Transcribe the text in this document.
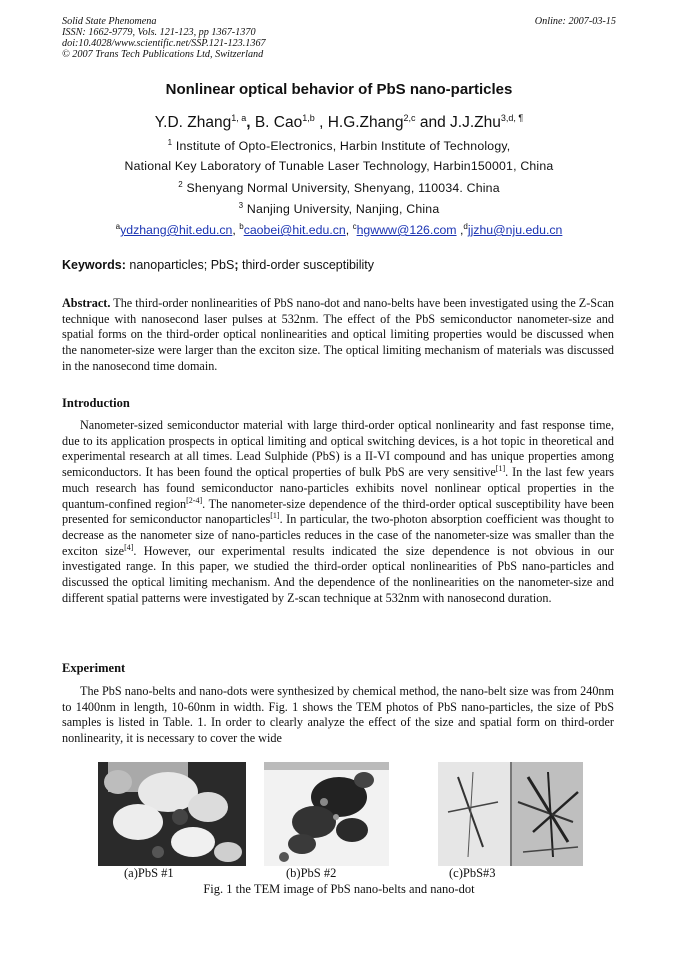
Solid State Phenomena
ISSN: 1662-9779, Vols. 121-123, pp 1367-1370
doi:10.4028/www.scientific.net/SSP.121-123.1367
© 2007 Trans Tech Publications Ltd, Switzerland
Online: 2007-03-15
Nonlinear optical behavior of PbS nano-particles
Y.D. Zhang$^{1, a}$, B. Cao$^{1,b}$ , H.G.Zhang$^{2,c}$ and J.J.Zhu$^{3,d, \P}$
$^1$ Institute of Opto-Electronics, Harbin Institute of Technology,
National Key Laboratory of Tunable Laser Technology, Harbin150001, China
$^2$ Shenyang Normal University, Shenyang, 110034. China
$^3$ Nanjing University, Nanjing, China
$^a$ydzhang@hit.edu.cn, $^b$caobei@hit.edu.cn, $^c$hgwww@126.com ,$^d$jjzhu@nju.edu.cn
Keywords: nanoparticles; PbS; third-order susceptibility
Abstract. The third-order nonlinearities of PbS nano-dot and nano-belts have been investigated using the Z-Scan technique with nanosecond laser pulses at 532nm. The effect of the PbS semiconductor nanometer-size and spatial forms on the third-order optical nonlinearities and optical limiting properties would be discussed when the nanometer-size were larger than the exciton size. The optical limiting mechanism of materials was discussed in the nanosecond time domain.
Introduction
Nanometer-sized semiconductor material with large third-order optical nonlinearity and fast response time, due to its application prospects in optical limiting and optical switching devices, is a hot topic in theoretical and experimental research at all times. Lead Sulphide (PbS) is a II-VI compound and has unique properties among semiconductors. It has been found the optical properties of bulk PbS are very sensitive[1]. In the last few years much research has found semiconductor nano-particles exhibits novel nonlinear optical properties in the quantum-confined region[2-4]. The nanometer-size dependence of the third-order optical susceptibility have been presented for semiconductor nanoparticles[1]. In particular, the two-photon absorption coefficient was thought to decrease as the nanometer size of nano-particles reduces in the case of the nanometer-size was smaller than the exciton size[4]. However, our experimental results indicated the size dependence is not obvious in our investigated range. In this paper, we studied the third-order optical nonlinearities of PbS nano-particles and discussed the optical limiting mechanism. And the dependence of the nonlinearities on the nanometer-size and different spatial patterns were investigated by Z-scan technique at 532nm with nanosecond duration.
Experiment
The PbS nano-belts and nano-dots were synthesized by chemical method, the nano-belt size was from 240nm to 1400nm in length, 10-60nm in width. Fig. 1 shows the TEM photos of PbS nano-particles, the size of PbS samples is listed in Table. 1. In order to clearly analyze the effect of the size and spatial form on third-order nonlinearity, it is necessary to cover the wide
(a)PbS #1	(b)PbS #2	(c)PbS#3
Fig. 1 the TEM image of PbS nano-belts and nano-dot
